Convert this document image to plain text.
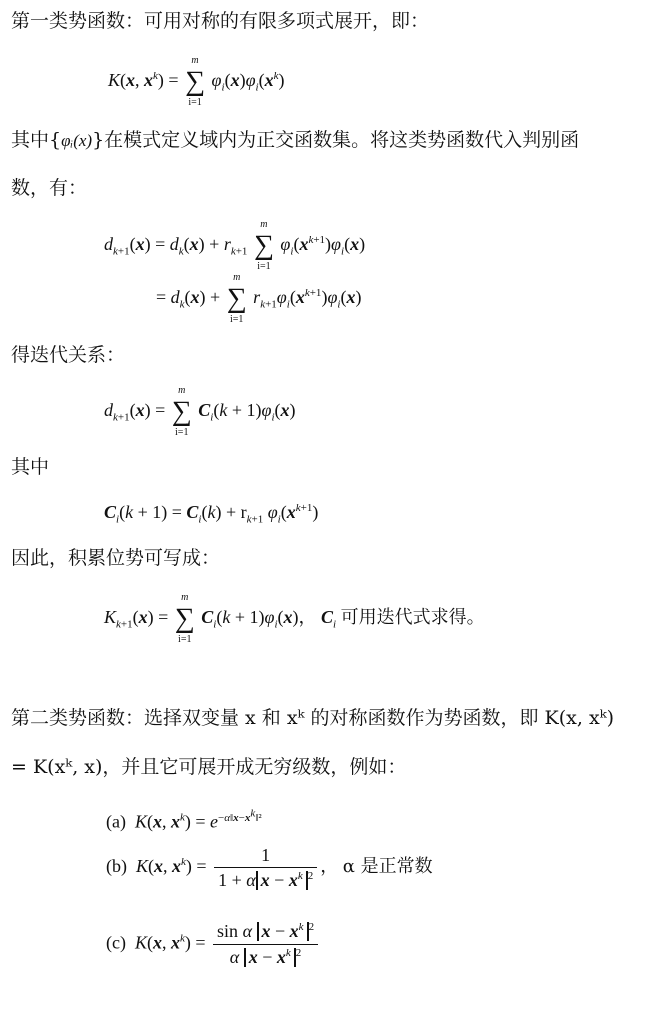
第一类势函数：可用对称的有限多项式展开，即：
K(x, $x^k$) =
m
∑
i=1
$\varphi_i(x)\varphi_i(x^k)$
其中{φᵢ(x)}在模式定义域内为正交函数集。将这类势函数代入判别函
数，有：
$d_{k+1}(x) = d_k(x) + r_{k+1}$
m
∑
i=1
$\varphi_i(x^{k+1})\varphi_i(x)$
= $d_k(x)$ +
m
∑
i=1
$r_{k+1}\varphi_i(x^{k+1})\varphi_i(x)$
得迭代关系：
$d_{k+1}(x)$ =
m
∑
i=1
$C_i(k + 1)\varphi_i(x)$
其中
$C_i(k + 1) = C_i(k) + r_{k+1}$ $\varphi_i(x^{k+1})$
因此，积累位势可写成：
$K_{k+1}(x)$ =
m
∑
i=1
$C_i(k + 1)\varphi_i(x)$， $C_i$ 可用迭代式求得。
第二类势函数：选择双变量 x 和 xᵏ 的对称函数作为势函数，即 K(x, xᵏ)
= K(xᵏ, x)，并且它可展开成无穷级数，例如：
(a) K(x, $x^k) = e^{-\alpha‖x-x^k‖^2}$
(b) K(x, $x^k) = \frac{1}{1 + \alpha x - x^k ^2}$ ， α 是正常数
(c) K(x, $x^k) = \frac{\sin \alpha x - x^k ^2}{\alpha x - x^k ^2}$
